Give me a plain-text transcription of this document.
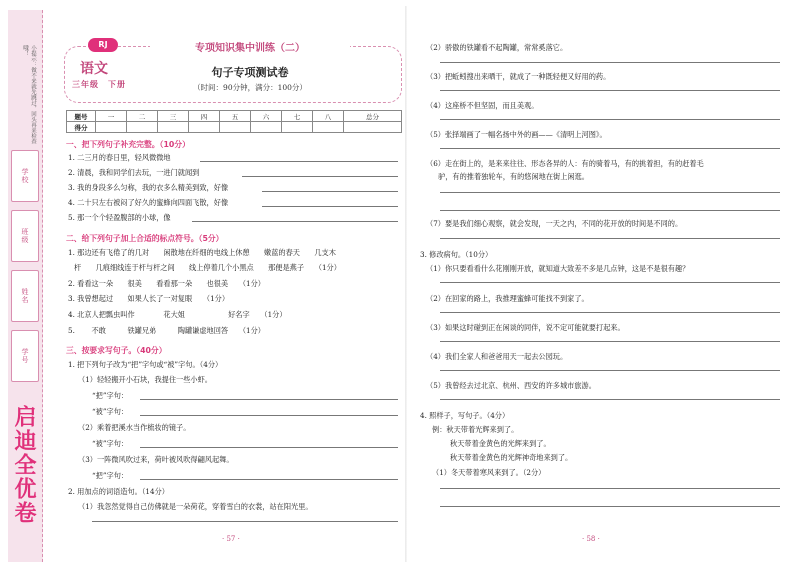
小提示：做不来就先跳过，回头再来检查哦！
学校
班级
姓名
学号
启迪全优卷
RJ	专项知识集中训练（二）
语文
三年级　下册
句子专项测试卷
（时间：90分钟，满分：100分）
题号	一	二	三	四	五	六	七	八	总分
得分									
一、把下列句子补充完整。（10分）
1. 二三月的春日里，轻风微微地
2. 清晨，我和同学们去玩，一进门就闻到
3. 我的身段多么匀称，我的衣多么精美到致，好像
4. 二十只左右被闷了好久的蜜蜂向四面飞散，好像
5. 那一个个轻盈腹部的小球，像
二、给下列句子加上合适的标点符号。（5分）
1. 那边还有飞倦了的几对　　闲散地在纤细的电线上休憩　　嫩蓝的春天　　几支木
杆　　几痕细线连于杆与杆之间　　线上停着几个小黑点　　那便是燕子　　（1分）
2. 看看这一朵　　很美　　看看那一朵　　也很美　　（1分）
3. 我曾想起过　　如果人长了一对复眼　　（1分）
4. 北京人把瓢虫叫作　　　　花大姐　　　　　　好名字　　（1分）
5. 　　不敢　　　铁罐兄弟　　　陶罐谦虚地回答　　（1分）
三、按要求写句子。（40分）
1. 把下列句子改为“把”字句或“被”字句。（4分）
（1）轻轻搬开小石块，我提住一些小虾。
“把”字句：
“被”字句：
（2）乘着把溪水当作梳妆的镜子。
“被”字句：
（3）一阵微风吹过来，荷叶被风吹得翩风起舞。
“把”字句：
2. 用加点的词语造句。（14分）
（1）我忽然觉得自己仿佛就是一朵荷花，穿着雪白的衣裳，站在阳光里。
· 57 ·
（2）骄傲的铁罐看不起陶罐，常常奚落它。
（3）把蚯蚓搜出来晒干，就成了一种既轻便又好用的药。
（4）这座桥不但坚固，而且美观。
（5）张择端画了一幅名扬中外的画——《清明上河图》。
（6）走在街上的，是来来往往、形态各异的人：有的骑着马，有的挑着担，有的赶着毛
驴，有的推着独轮车，有的悠闲地在街上闲逛。
（7）要是我们细心观察，就会发现，一天之内，不同的花开放的时间是不同的。
3. 修改病句。（10分）
（1）你只要看看什么花刚刚开放，就知道大致差不多是几点钟，这是不是很有趣？
（2）在回家的路上，我推理蜜蜂可能找不到家了。
（3）如果这时碰到正在闲谈的同伴，说不定可能就要打起来。
（4）我们全家人和爸爸用天一起去公园玩。
（5）我曾经去过北京、杭州、西安的许多城市旅游。
4. 照样子，写句子。（4分）
例：秋天带着光辉来到了。
秋天带着金黄色的光辉来到了。
秋天带着金黄色的光辉神奇地来到了。
（1）冬天带着寒风来到了。（2分）
· 58 ·
